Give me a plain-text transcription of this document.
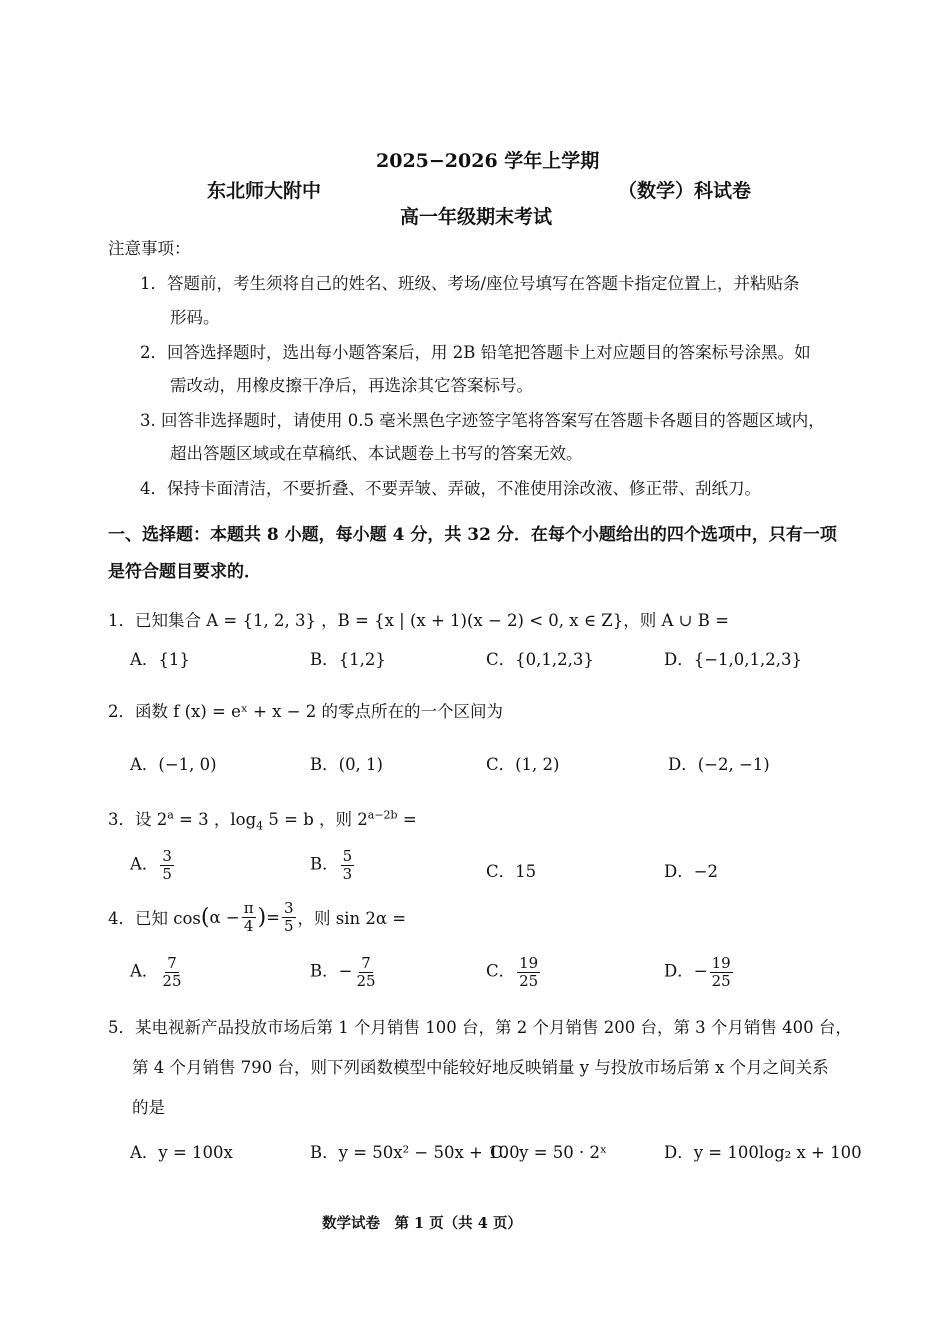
2025−2026 学年上学期
东北师大附中	（数学）科试卷
高一年级期末考试
注意事项：
1．答题前，考生须将自己的姓名、班级、考场/座位号填写在答题卡指定位置上，并粘贴条
形码。
2．回答选择题时，选出每小题答案后，用 2B 铅笔把答题卡上对应题目的答案标号涂黑。如
需改动，用橡皮擦干净后，再选涂其它答案标号。
3. 回答非选择题时，请使用 0.5 毫米黑色字迹签字笔将答案写在答题卡各题目的答题区域内，
超出答题区域或在草稿纸、本试题卷上书写的答案无效。
4．保持卡面清洁，不要折叠、不要弄皱、弄破，不准使用涂改液、修正带、刮纸刀。
一、选择题：本题共 8 小题，每小题 4 分，共 32 分．在每个小题给出的四个选项中，只有一项
是符合题目要求的．
1．已知集合 A = {1, 2, 3} ，B = {x | (x + 1)(x − 2) < 0, x ∈ Z}，则 A ∪ B =
A．{1}	B．{1,2}	C．{0,1,2,3}	D．{−1,0,1,2,3}
2．函数 f (x) = eˣ + x − 2 的零点所在的一个区间为
A．(−1, 0)	B．(0, 1)	C．(1, 2)	D．(−2, −1)
3．设 $2^a = 3$ ，$\log_4 5 = b$ ，则 $2^{a-2b}$ =
A． $\frac{3}{5}$	B． $\frac{5}{3}$	C．15	D．−2
4．已知 cos ( $\alpha - \frac{\pi}{4}$ ) = $\frac{3}{5}$ ，则 sin 2α =
A． $\frac{7}{25}$	B．− $\frac{7}{25}$	C． $\frac{19}{25}$	D．− $\frac{19}{25}$
5．某电视新产品投放市场后第 1 个月销售 100 台，第 2 个月销售 200 台，第 3 个月销售 400 台，
第 4 个月销售 790 台，则下列函数模型中能较好地反映销量 y 与投放市场后第 x 个月之间关系
的是
A．y = 100x	B．y = 50x² − 50x + 100
C．y = 50 · 2ˣ	D．y = 100log₂ x + 100
数学试卷　第 1 页（共 4 页）
